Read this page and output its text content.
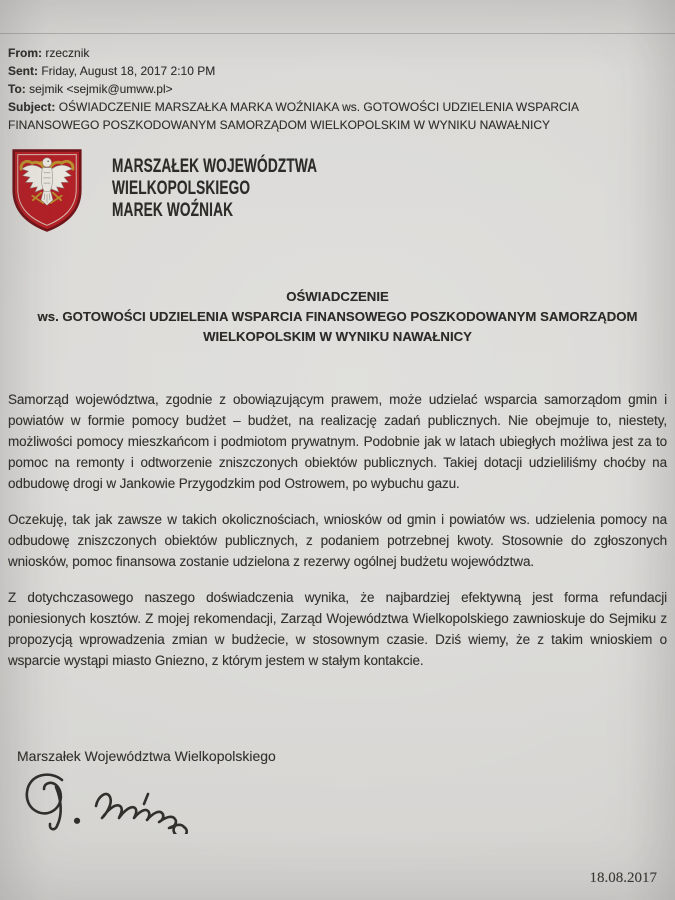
From: rzecznik
Sent: Friday, August 18, 2017 2:10 PM
To: sejmik <sejmik@umww.pl>
Subject: OŚWIADCZENIE MARSZAŁKA MARKA WOŹNIAKA ws. GOTOWOŚCI UDZIELENIA WSPARCIA FINANSOWEGO POSZKODOWANYM SAMORZĄDOM WIELKOPOLSKIM W WYNIKU NAWAŁNICY
MARSZAŁEK WOJEWÓDZTWA
WIELKOPOLSKIEGO
MAREK WOŹNIAK
OŚWIADCZENIE
ws. GOTOWOŚCI UDZIELENIA WSPARCIA FINANSOWEGO POSZKODOWANYM SAMORZĄDOM
WIELKOPOLSKIM W WYNIKU NAWAŁNICY

Samorząd województwa, zgodnie z obowiązującym prawem, może udzielać wsparcia samorządom gmin i powiatów w formie pomocy budżet – budżet, na realizację zadań publicznych. Nie obejmuje to, niestety, możliwości pomocy mieszkańcom i podmiotom prywatnym. Podobnie jak w latach ubiegłych możliwa jest za to pomoc na remonty i odtworzenie zniszczonych obiektów publicznych. Takiej dotacji udzieliliśmy choćby na odbudowę drogi w Jankowie Przygodzkim pod Ostrowem, po wybuchu gazu.

Oczekuję, tak jak zawsze w takich okolicznościach, wniosków od gmin i powiatów ws. udzielenia pomocy na odbudowę zniszczonych obiektów publicznych, z podaniem potrzebnej kwoty. Stosownie do zgłoszonych wniosków, pomoc finansowa zostanie udzielona z rezerwy ogólnej budżetu województwa.

Z dotychczasowego naszego doświadczenia wynika, że najbardziej efektywną jest forma refundacji poniesionych kosztów. Z mojej rekomendacji, Zarząd Województwa Wielkopolskiego zawnioskuje do Sejmiku z propozycją wprowadzenia zmian w budżecie, w stosownym czasie. Dziś wiemy, że z takim wnioskiem o wsparcie wystąpi miasto Gniezno, z którym jestem w stałym kontakcie.

Marszałek Województwa Wielkopolskiego
18.08.2017
